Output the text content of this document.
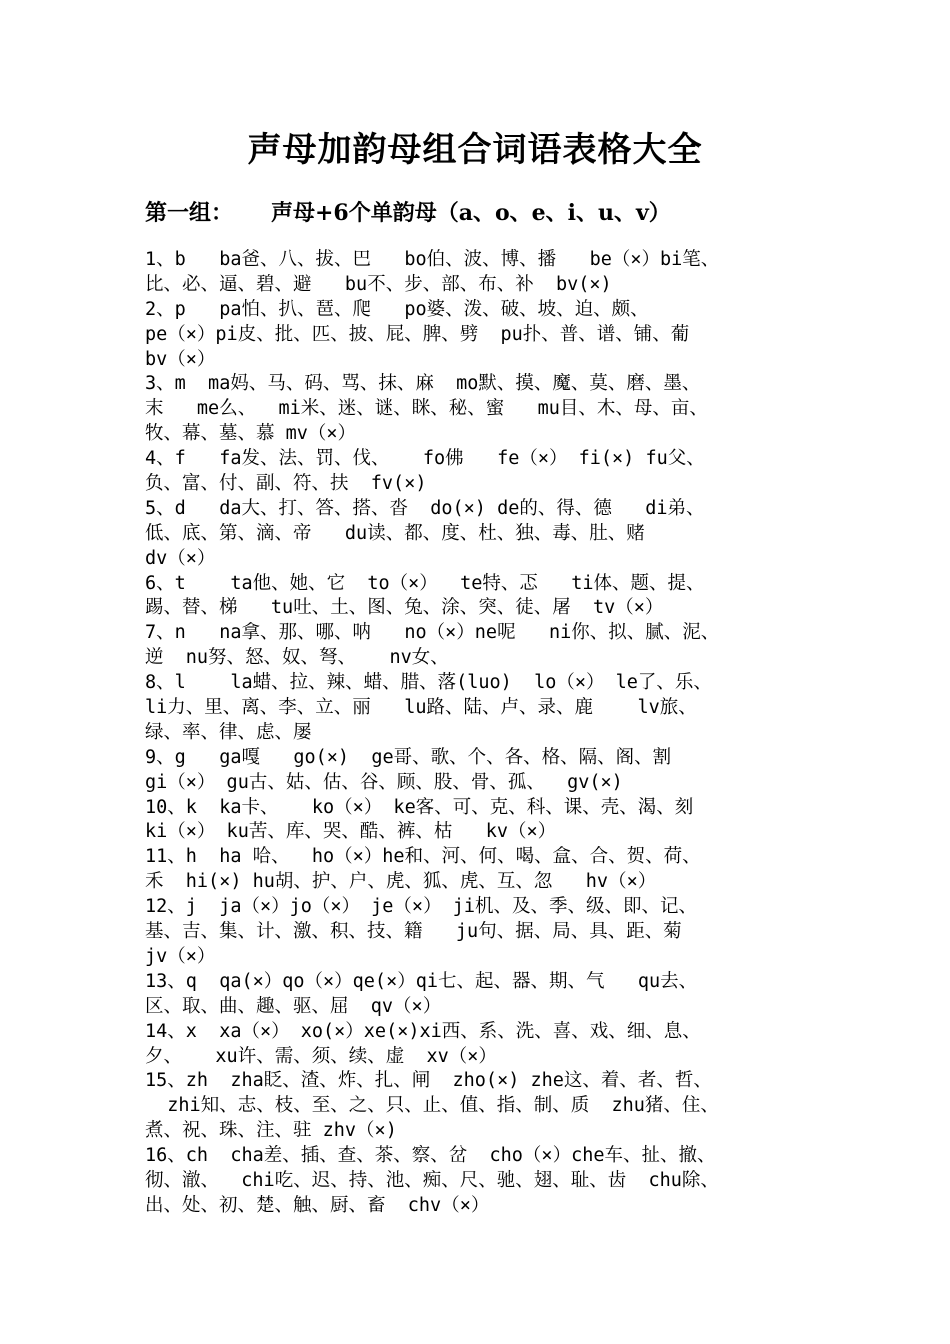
声母加韵母组合词语表格大全
第一组： 声母+6个单韵母（a、o、e、i、u、v）
1、b   ba爸、八、拔、巴   bo伯、波、博、播   be（×）bi笔、
比、必、逼、碧、避   bu不、步、部、布、补  bv(×)
2、p   pa怕、扒、琶、爬   po婆、泼、破、坡、迫、颇、
pe（×）pi皮、批、匹、披、屁、脾、劈  pu扑、普、谱、铺、葡
bv（×）
3、m  ma妈、马、码、骂、抹、麻  mo默、摸、魔、莫、磨、墨、
末   me么、  mi米、迷、谜、眯、秘、蜜   mu目、木、母、亩、
牧、幕、墓、慕 mv（×）
4、f   fa发、法、罚、伐、   fo佛   fe（×） fi(×) fu父、
负、富、付、副、符、扶  fv(×)
5、d   da大、打、答、搭、沓  do(×) de的、得、德   di弟、
低、底、第、滴、帝   du读、都、度、杜、独、毒、肚、赌
dv（×）
6、t    ta他、她、它  to（×）  te特、忑   ti体、题、提、
踢、替、梯   tu吐、土、图、兔、涂、突、徒、屠  tv（×）
7、n   na拿、那、哪、呐   no（×）ne呢   ni你、拟、腻、泥、
逆  nu努、怒、奴、弩、   nv女、
8、l    la蜡、拉、辣、蜡、腊、落(luo)  lo（×） le了、乐、
li力、里、离、李、立、丽   lu路、陆、卢、录、鹿    lv旅、
绿、率、律、虑、屡
9、g   ga嘎   go(×)  ge哥、歌、个、各、格、隔、阁、割
gi（×） gu古、姑、估、谷、顾、股、骨、孤、  gv(×)
10、k  ka卡、   ko（×） ke客、可、克、科、课、壳、渴、刻
ki（×） ku苦、库、哭、酷、裤、枯   kv（×）
11、h  ha 哈、  ho（×）he和、河、何、喝、盒、合、贺、荷、
禾  hi(×) hu胡、护、户、虎、狐、虎、互、忽   hv（×）
12、j  ja（×）jo（×） je（×） ji机、及、季、级、即、记、
基、吉、集、计、激、积、技、籍   ju句、据、局、具、距、菊
jv（×）
13、q  qa(×）qo（×）qe(×）qi七、起、器、期、气   qu去、
区、取、曲、趣、驱、屈  qv（×）
14、x  xa（×） xo(×）xe(×)xi西、系、洗、喜、戏、细、息、
夕、   xu许、需、须、续、虚  xv（×）
15、zh  zha眨、渣、炸、扎、闸  zho(×) zhe这、着、者、哲、
zhi知、志、枝、至、之、只、止、值、指、制、质  zhu猪、住、
煮、祝、珠、注、驻 zhv（×)
16、ch  cha差、插、查、茶、察、岔  cho（×）che车、扯、撤、
彻、澈、  chi吃、迟、持、池、痴、尺、驰、翅、耻、齿  chu除、
出、处、初、楚、触、厨、畜  chv（×）
